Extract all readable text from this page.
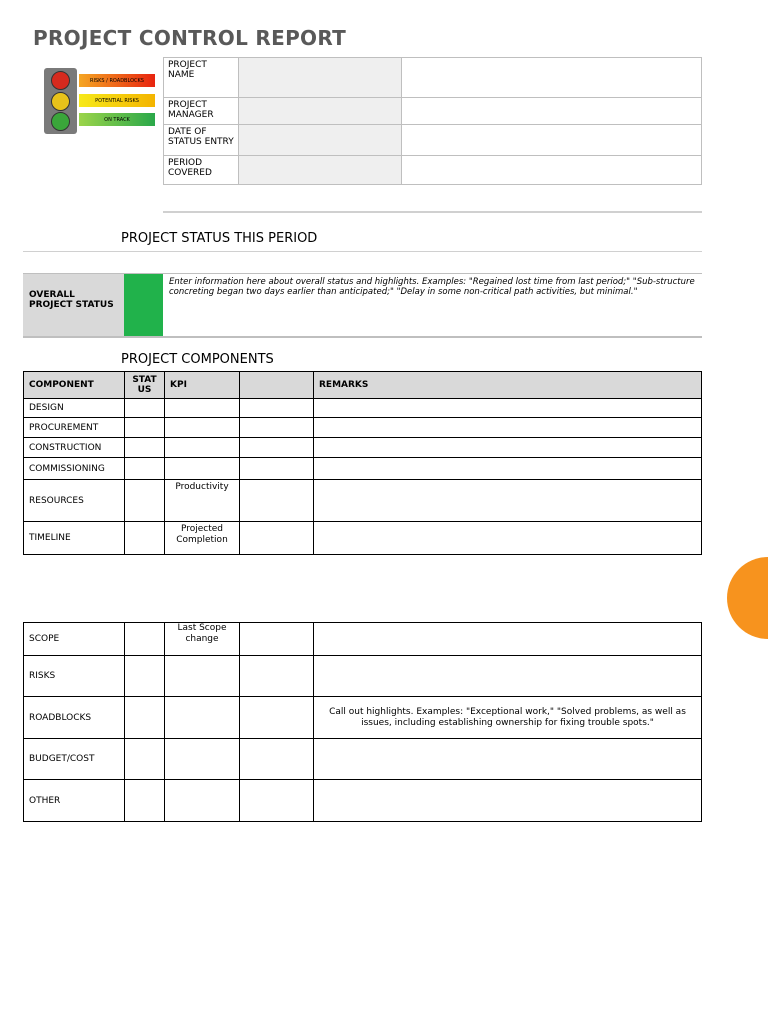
PROJECT CONTROL REPORT
RISKS / ROADBLOCKS
POTENTIAL RISKS
ON TRACK
PROJECT NAME		
PROJECT MANAGER		
DATE OF STATUS ENTRY		
PERIOD COVERED		
PROJECT STATUS THIS PERIOD
OVERALL PROJECT STATUS
Enter information here about overall status and highlights. Examples: "Regained lost time from last period;" "Sub-structure concreting began two days earlier than anticipated;" "Delay in some non-critical path activities, but minimal."
PROJECT COMPONENTS
COMPONENT	STAT US	KPI		REMARKS
DESIGN				
PROCUREMENT				
CONSTRUCTION				
COMMISSIONING				
RESOURCES		Productivity		
TIMELINE		Projected Completion		
SCOPE		Last Scope change		
RISKS				
ROADBLOCKS				Call out highlights. Examples: "Exceptional work," "Solved problems, as well as issues, including establishing ownership for fixing trouble spots."
BUDGET/COST				
OTHER				
